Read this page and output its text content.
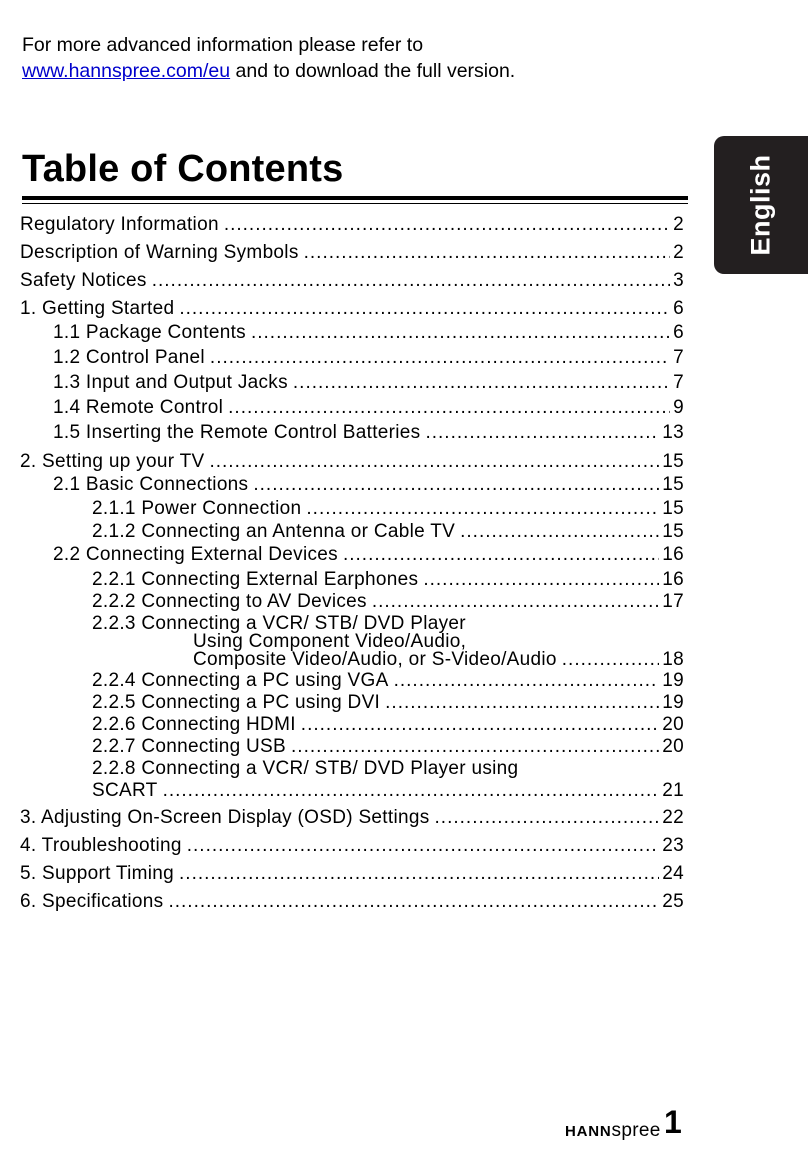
For more advanced information please refer to
www.hannspree.com/eu and to download the full version.
Table of Contents	English
Regulatory Information .....	2
Description of Warning Symbols .....	2
Safety Notices .....	3
1. Getting Started .....	6
1.1 Package Contents .....	6
1.2 Control Panel .....	7
1.3 Input and Output Jacks .....	7
1.4 Remote Control .....	9
1.5 Inserting the Remote Control Batteries .....	13
2. Setting up your TV .....	15
2.1 Basic Connections .....	15
2.1.1 Power Connection .....	15
2.1.2 Connecting an Antenna or Cable TV .....	15
2.2 Connecting External Devices .....	16
2.2.1 Connecting External Earphones .....	16
2.2.2 Connecting to AV Devices .....	17
2.2.3 Connecting a VCR/ STB/ DVD Player
Using Component Video/Audio,
Composite Video/Audio, or S-Video/Audio .....	18
2.2.4 Connecting a PC using VGA .....	19
2.2.5 Connecting a PC using DVI .....	19
2.2.6 Connecting HDMI .....	20
2.2.7 Connecting USB .....	20
2.2.8 Connecting a VCR/ STB/ DVD Player using
SCART .....	21
3. Adjusting On-Screen Display (OSD) Settings .....	22
4. Troubleshooting .....	23
5. Support Timing .....	24
6. Specifications .....	25
HANNspree 1
